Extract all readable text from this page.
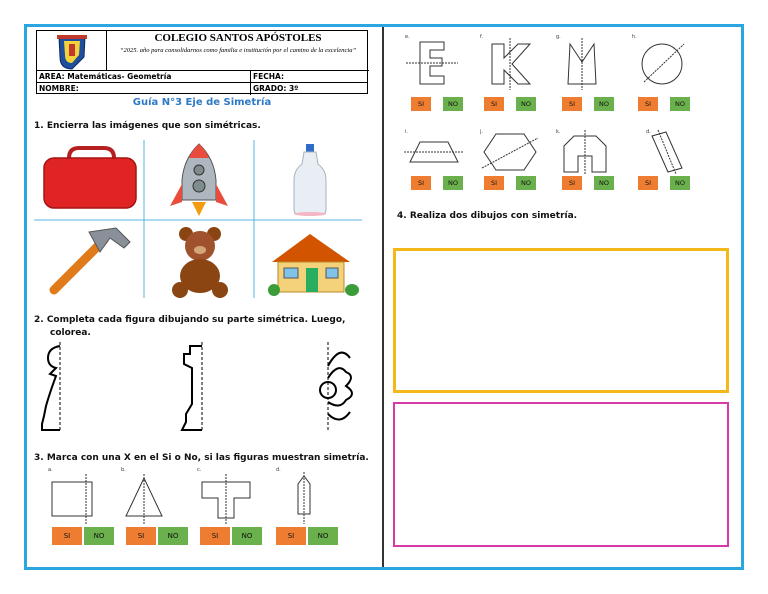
COLEGIO SANTOS APÓSTOLES
“2025. año para consolidarnos como familia e institución por el camino de la excelencia”
AREA: Matemáticas- Geometría	FECHA:
NOMBRE:	GRADO: 3º
Guía N°3 Eje de Simetría
1. Encierra las imágenes que son simétricas.
2. Completa cada figura dibujando su parte simétrica. Luego,
colorea.
3. Marca con una X en el Si o No, si las figuras muestran simetría.
a.	b.	c.	d.
SI	NO	SI	NO	SI	NO	SI	NO
e.	f.	g.	h.
SI	NO	SI	NO	SI	NO	SI	NO
i.	j.	k.	d.
SI	NO	SI	NO	SI	NO	SI	NO
4. Realiza dos dibujos con simetría.
